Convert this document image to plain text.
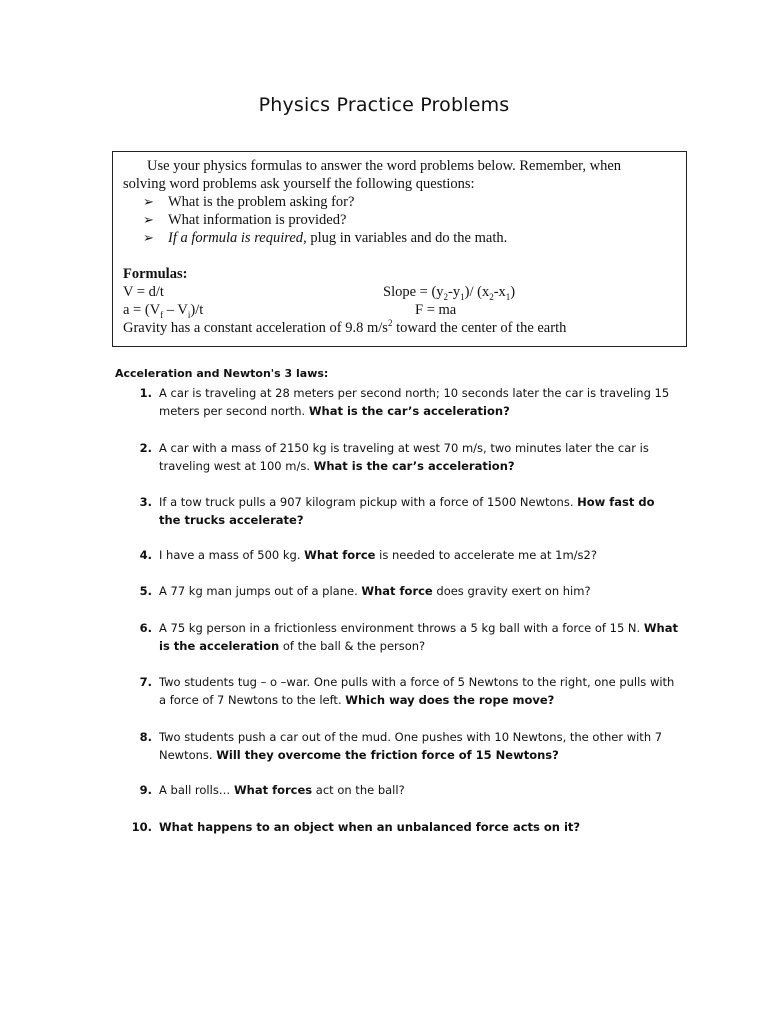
Physics Practice Problems
Use your physics formulas to answer the word problems below. Remember, when
solving word problems ask yourself the following questions:
➢ What is the problem asking for?
➢ What information is provided?
➢ If a formula is required, plug in variables and do the math.
Formulas:
V = d/t	Slope = $(y_2-y_1)/$ $(x_2-x_1)$
$a = (V_f - V_i)/t$	F = ma
Gravity has a constant acceleration of 9.8 $m/s^2$ toward the center of the earth
Acceleration and Newton's 3 laws:
1. A car is traveling at 28 meters per second north; 10 seconds later the car is traveling 15 meters per second north. What is the car’s acceleration?
2. A car with a mass of 2150 kg is traveling at west 70 m/s, two minutes later the car is traveling west at 100 m/s. What is the car’s acceleration?
3. If a tow truck pulls a 907 kilogram pickup with a force of 1500 Newtons. How fast do the trucks accelerate?
4. I have a mass of 500 kg. What force is needed to accelerate me at 1m/s2?
5. A 77 kg man jumps out of a plane. What force does gravity exert on him?
6. A 75 kg person in a frictionless environment throws a 5 kg ball with a force of 15 N. What is the acceleration of the ball & the person?
7. Two students tug – o –war. One pulls with a force of 5 Newtons to the right, one pulls with a force of 7 Newtons to the left. Which way does the rope move?
8. Two students push a car out of the mud. One pushes with 10 Newtons, the other with 7 Newtons. Will they overcome the friction force of 15 Newtons?
9. A ball rolls… What forces act on the ball?
10. What happens to an object when an unbalanced force acts on it?
